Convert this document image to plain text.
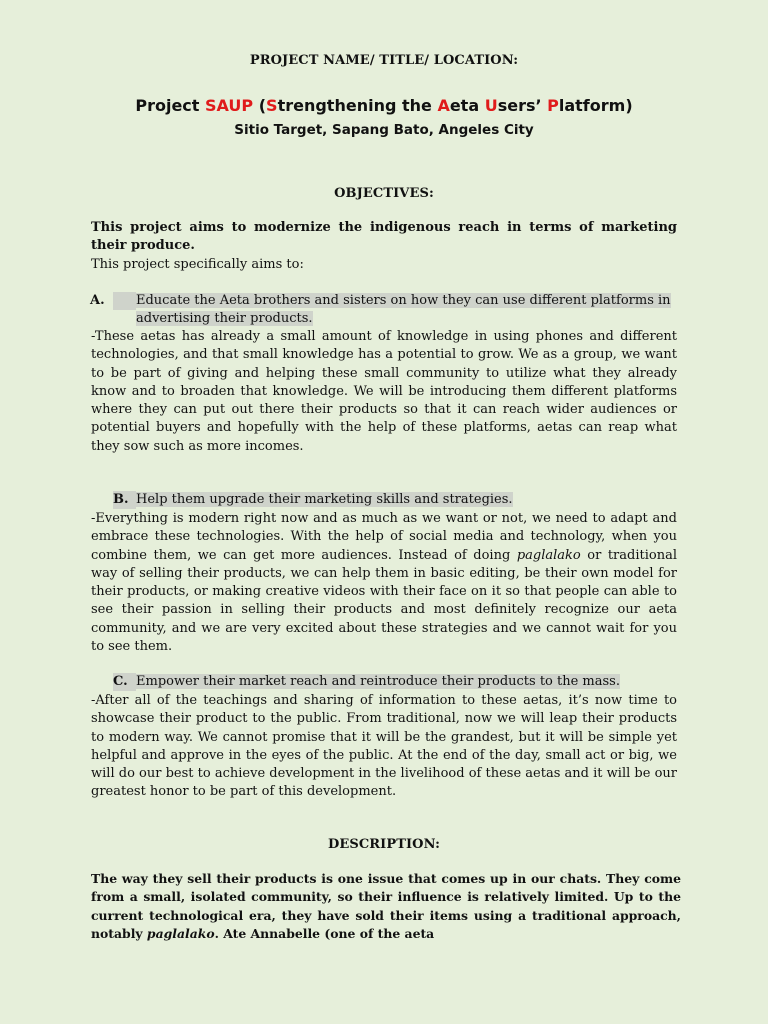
PROJECT NAME/ TITLE/ LOCATION:
Project SAUP (Strengthening the Aeta Users’ Platform)
Sitio Target, Sapang Bato, Angeles City
OBJECTIVES:
This project aims to modernize the indigenous reach in terms of marketing their produce.
This project specifically aims to:
A. Educate the Aeta brothers and sisters on how they can use different platforms in advertising their products.
-These aetas has already a small amount of knowledge in using phones and different technologies, and that small knowledge has a potential to grow. We as a group, we want to be part of giving and helping these small community to utilize what they already know and to broaden that knowledge. We will be introducing them different platforms where they can put out there their products so that it can reach wider audiences or potential buyers and hopefully with the help of these platforms, aetas can reap what they sow such as more incomes.
B. Help them upgrade their marketing skills and strategies.
-Everything is modern right now and as much as we want or not, we need to adapt and embrace these technologies. With the help of social media and technology, when you combine them, we can get more audiences. Instead of doing paglalako or traditional way of selling their products, we can help them in basic editing, be their own model for their products, or making creative videos with their face on it so that people can able to see their passion in selling their products and most definitely recognize our aeta community, and we are very excited about these strategies and we cannot wait for you to see them.
C. Empower their market reach and reintroduce their products to the mass.
-After all of the teachings and sharing of information to these aetas, it’s now time to showcase their product to the public. From traditional, now we will leap their products to modern way. We cannot promise that it will be the grandest, but it will be simple yet helpful and approve in the eyes of the public. At the end of the day, small act or big, we will do our best to achieve development in the livelihood of these aetas and it will be our greatest honor to be part of this development.
DESCRIPTION:
The way they sell their products is one issue that comes up in our chats. They come from a small, isolated community, so their influence is relatively limited. Up to the current technological era, they have sold their items using a traditional approach, notably paglalako. Ate Annabelle (one of the aeta
